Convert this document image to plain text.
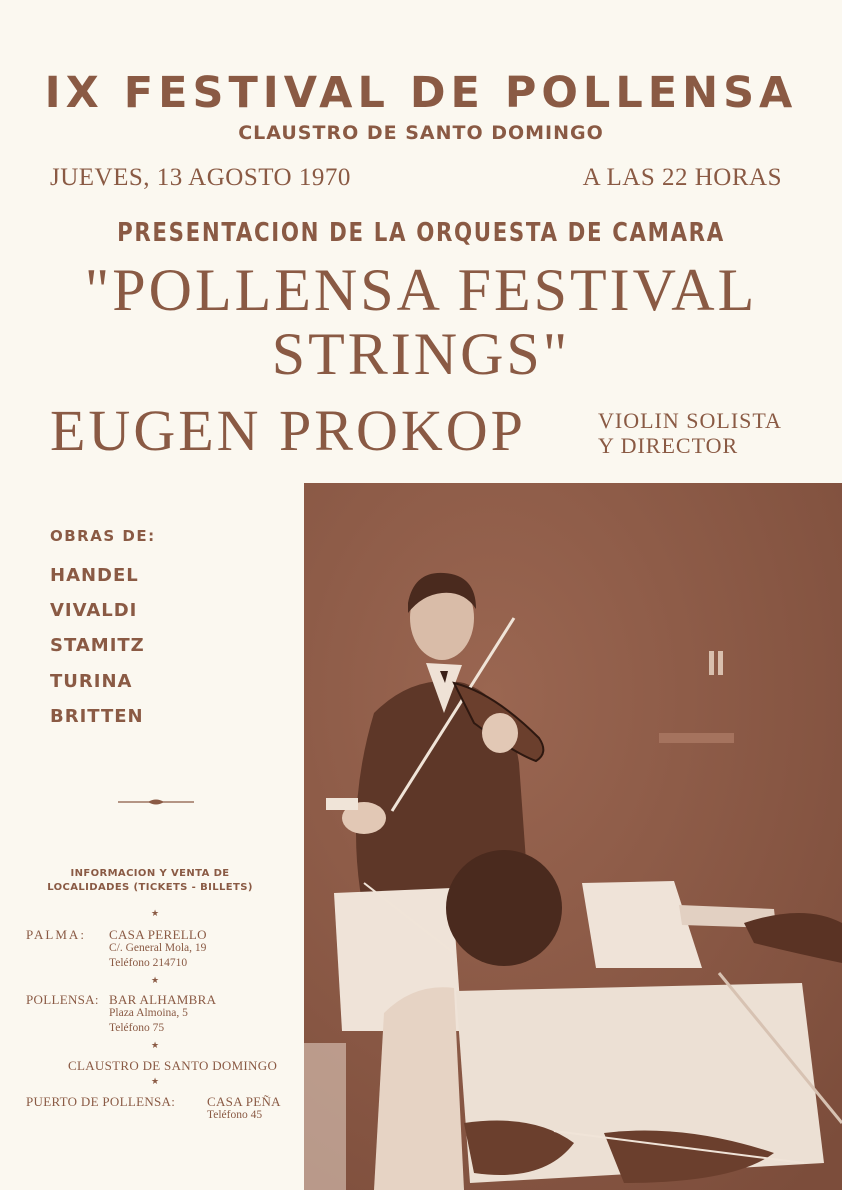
IX FESTIVAL DE POLLENSA
CLAUSTRO DE SANTO DOMINGO
JUEVES, 13 AGOSTO 1970	A LAS 22 HORAS
PRESENTACION DE LA ORQUESTA DE CAMARA
"POLLENSA FESTIVAL
STRINGS"
EUGEN PROKOP	VIOLIN SOLISTA
Y DIRECTOR
OBRAS DE:
HANDEL
VIVALDI
STAMITZ
TURINA
BRITTEN
INFORMACION Y VENTA DE
LOCALIDADES (TICKETS - BILLETS)
★
PALMA: CASA PERELLO
C/. General Mola, 19
Teléfono 214710
★
POLLENSA: BAR ALHAMBRA
Plaza Almoina, 5
Teléfono 75
★
CLAUSTRO DE SANTO DOMINGO
★
PUERTO DE POLLENSA: CASA PEÑA
Teléfono 45
